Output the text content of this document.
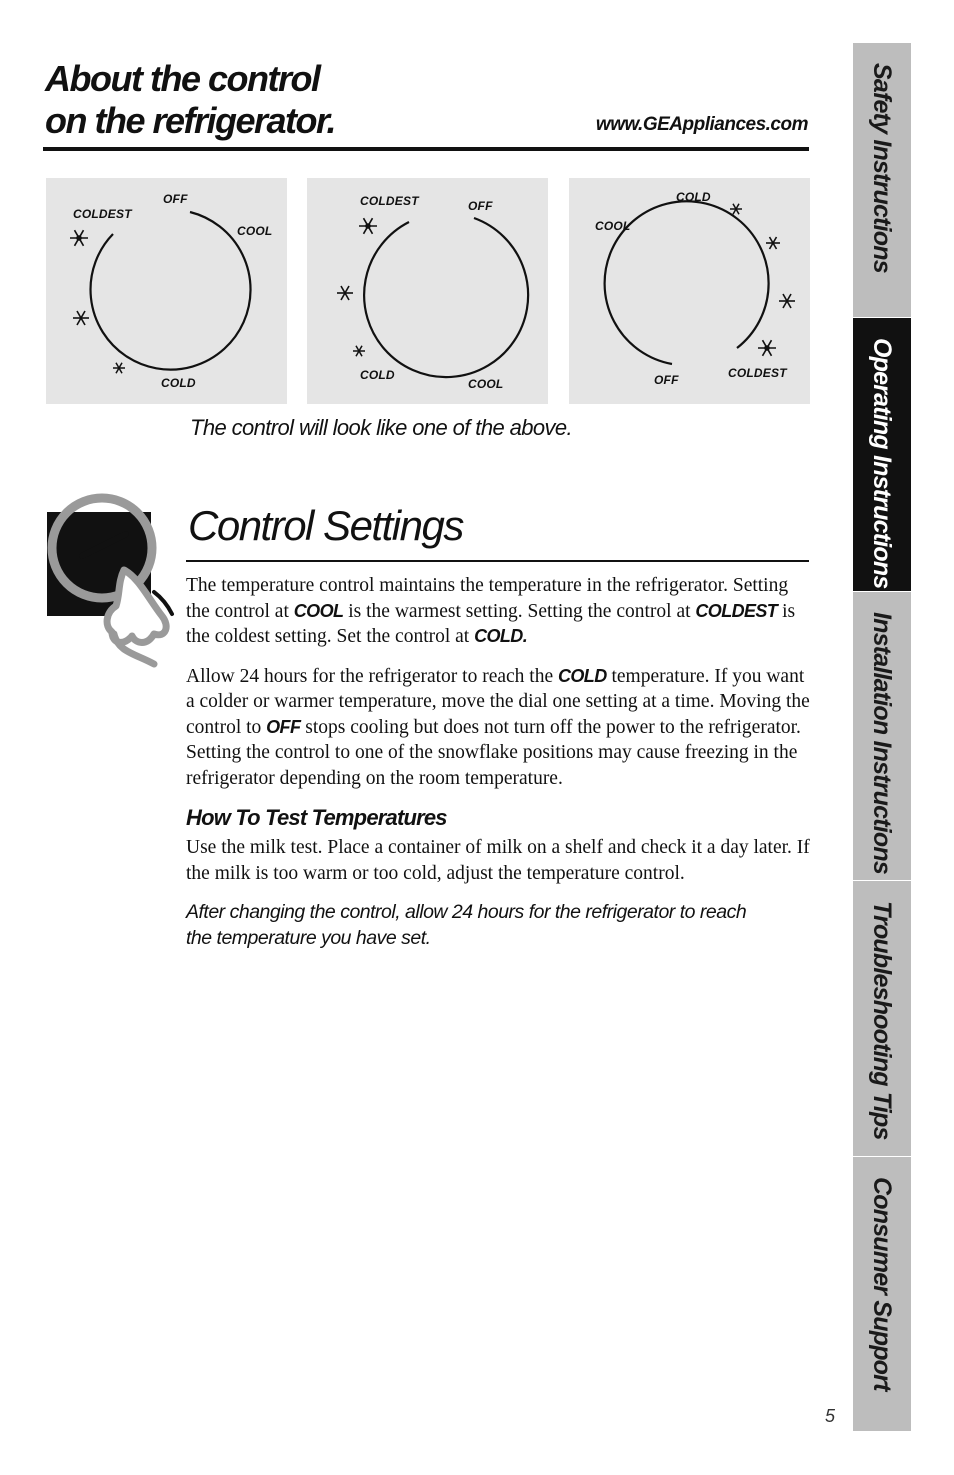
About the control
on the refrigerator.	www.GEAppliances.com
OFF
COLDEST
COOL
COLD
COLDEST	OFF
COLD
COOL
COLD
COOL
OFF	COLDEST
The control will look like one of the above.
Control Settings

The temperature control maintains the temperature in the refrigerator. Setting the control at COOL is the warmest setting. Setting the control at COLDEST is the coldest setting. Set the control at COLD.

Allow 24 hours for the refrigerator to reach the COLD temperature. If you want a colder or warmer temperature, move the dial one setting at a time. Moving the control to OFF stops cooling but does not turn off the power to the refrigerator. Setting the control to one of the snowflake positions may cause freezing in the refrigerator depending on the room temperature.

How To Test Temperatures

Use the milk test. Place a container of milk on a shelf and check it a day later. If the milk is too warm or too cold, adjust the temperature control.

After changing the control, allow 24 hours for the refrigerator to reach the temperature you have set.

Safety Instructions
Operating Instructions
Installation Instructions
Troubleshooting Tips
Consumer Support
5
